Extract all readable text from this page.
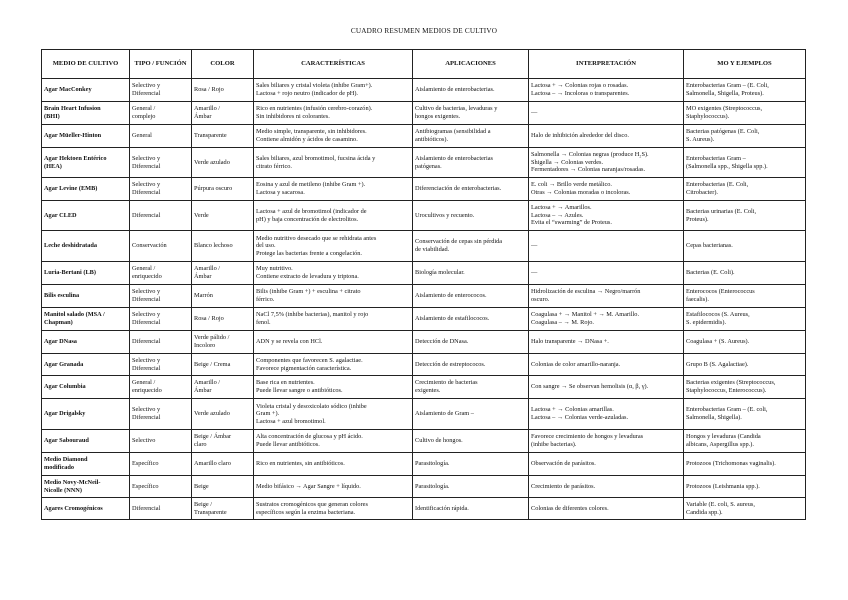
CUADRO RESUMEN MEDIOS DE CULTIVO
MEDIO DE CULTIVO	TIPO / FUNCIÓN	COLOR	CARACTERÍSTICAS	APLICACIONES	INTERPRETACIÓN	MO Y EJEMPLOS

Agar MacConkey	Selectivo y
Diferencial	Rosa / Rojo	Sales biliares y cristal violeta (inhibe Gram+).
Lactosa + rojo neutro (indicador de pH).	Aislamiento de enterobacterias.	Lactosa + → Colonias rojas o rosadas.
Lactosa – → Incoloras o transparentes.	Enterobacterias Gram – (E. Coli,
Salmonella, Shigella, Proteus).

Brain Heart Infusion
(BHI)	General /
complejo	Amarillo /
Ámbar	Rico en nutrientes (infusión cerebro-corazón).
Sin inhibidores ni colorantes.	Cultivo de bacterias, levaduras y
hongos exigentes.	—	MO exigentes (Streptococcus,
Staphylococcus).

Agar Müeller-Hinton	General	Transparente	Medio simple, transparente, sin inhibidores.
Contiene almidón y ácidos de casamino.	Antibiogramas (sensibilidad a
antibióticos).	Halo de inhibición alrededor del disco.	Bacterias patógenas (E. Coli,
S. Aureus).

Agar Hektoen Entérico
(HEA)	Selectivo y
Diferencial	Verde azulado	Sales biliares, azul bromotimol, fucsina ácida y
citrato férrico.	Aislamiento de enterobacterias
patógenas.	Salmonella → Colonias negras (produce H₂S).
Shigella → Colonias verdes.
Fermentadores → Colonias naranjas/rosadas.	Enterobacterias Gram –
(Salmonella spp., Shigella spp.).

Agar Levine (EMB)	Selectivo y
Diferencial	Púrpura oscuro	Eosina y azul de metileno (inhibe Gram +).
Lactosa y sacarosa.	Diferenciación de enterobacterias.	E. coli → Brillo verde metálico.
Otras → Colonias moradas o incoloras.	Enterobacterias (E. Coli,
Citrobacter).

Agar CLED	Diferencial	Verde	Lactosa + azul de bromotimol (indicador de
pH) y baja concentración de electrolitos.	Urocultivos y recuento.	Lactosa + → Amarillos.
Lactosa – → Azules.
Evita el “swarming” de Proteus.	Bacterias urinarias (E. Coli,
Proteus).

Leche deshidratada	Conservación	Blanco lechoso	Medio nutritivo desecado que se rehidrata antes
del uso.
Protege las bacterias frente a congelación.	Conservación de cepas sin pérdida
de viabilidad.	—	Cepas bacterianas.

Luria-Bertani (LB)	General /
enriquecido	Amarillo /
Ámbar	Muy nutritivo.
Contiene extracto de levadura y triptona.	Biología molecular.	—	Bacterias (E. Coli).

Bilis esculina	Selectivo y
Diferencial	Marrón	Bilis (inhibe Gram +) + esculina + citrato
férrico.	Aislamiento de enterococos.	Hidrolización de esculina → Negro/marrón
oscuro.	Enterococos (Enterococcus
faecalis).

Manitol salado (MSA /
Chapman)	Selectivo y
Diferencial	Rosa / Rojo	NaCl 7,5% (inhibe bacterias), manitol y rojo
fenol.	Aislamiento de estafilococos.	Coagulasa + → Manitol + → M. Amarillo.
Coagulasa – → M. Rojo.	Estafilococos (S. Aureus,
S. epidermidis).

Agar DNasa	Diferencial	Verde pálido /
Incoloro	ADN y se revela con HCl.	Detección de DNasa.	Halo transparente → DNasa +.	Coagulasa + (S. Aureus).

Agar Granada	Selectivo y
Diferencial	Beige / Crema	Componentes que favorecen S. agalactiae.
Favorece pigmentación característica.	Detección de estreptococos.	Colonias de color amarillo-naranja.	Grupo B (S. Agalactiae).

Agar Columbia	General /
enriquecido	Amarillo /
Ámbar	Base rica en nutrientes.
Puede llevar sangre o antibióticos.	Crecimiento de bacterias
exigentes.	Con sangre → Se observan hemolisis (α, β, γ).	Bacterias exigentes (Streptococcus,
Staphylococcus, Enterococcus).

Agar Drigalsky	Selectivo y
Diferencial	Verde azulado	Violeta cristal y desoxicolato sódico (inhibe
Gram +).
Lactosa + azul bromotimol.	Aislamiento de Gram –	Lactosa + → Colonias amarillas.
Lactosa – → Colonias verde-azuladas.	Enterobacterias Gram – (E. coli,
Salmonella, Shigella).

Agar Sabouraud	Selectivo	Beige / Ámbar
claro	Alta concentración de glucosa y pH ácido.
Puede llevar antibióticos.	Cultivo de hongos.	Favorece crecimiento de hongos y levaduras
(inhibe bacterias).	Hongos y levaduras (Candida
albicans, Aspergillus spp.).

Medio Diamond
modificado	Específico	Amarillo claro	Rico en nutrientes, sin antibióticos.	Parasitología.	Observación de parásitos.	Protozoos (Trichomonas vaginalis).

Medio Novy-McNeil-
Nicolle (NNN)	Específico	Beige	Medio bifásico → Agar Sangre + líquido.	Parasitología.	Crecimiento de parásitos.	Protozoos (Leishmania spp.).

Agares Cromogénicos	Diferencial	Beige /
Transparente	Sustratos cromogénicos que generan colores
específicos según la enzima bacteriana.	Identificación rápida.	Colonias de diferentes colores.	Variable (E. coli, S. aureus,
Candida spp.).
